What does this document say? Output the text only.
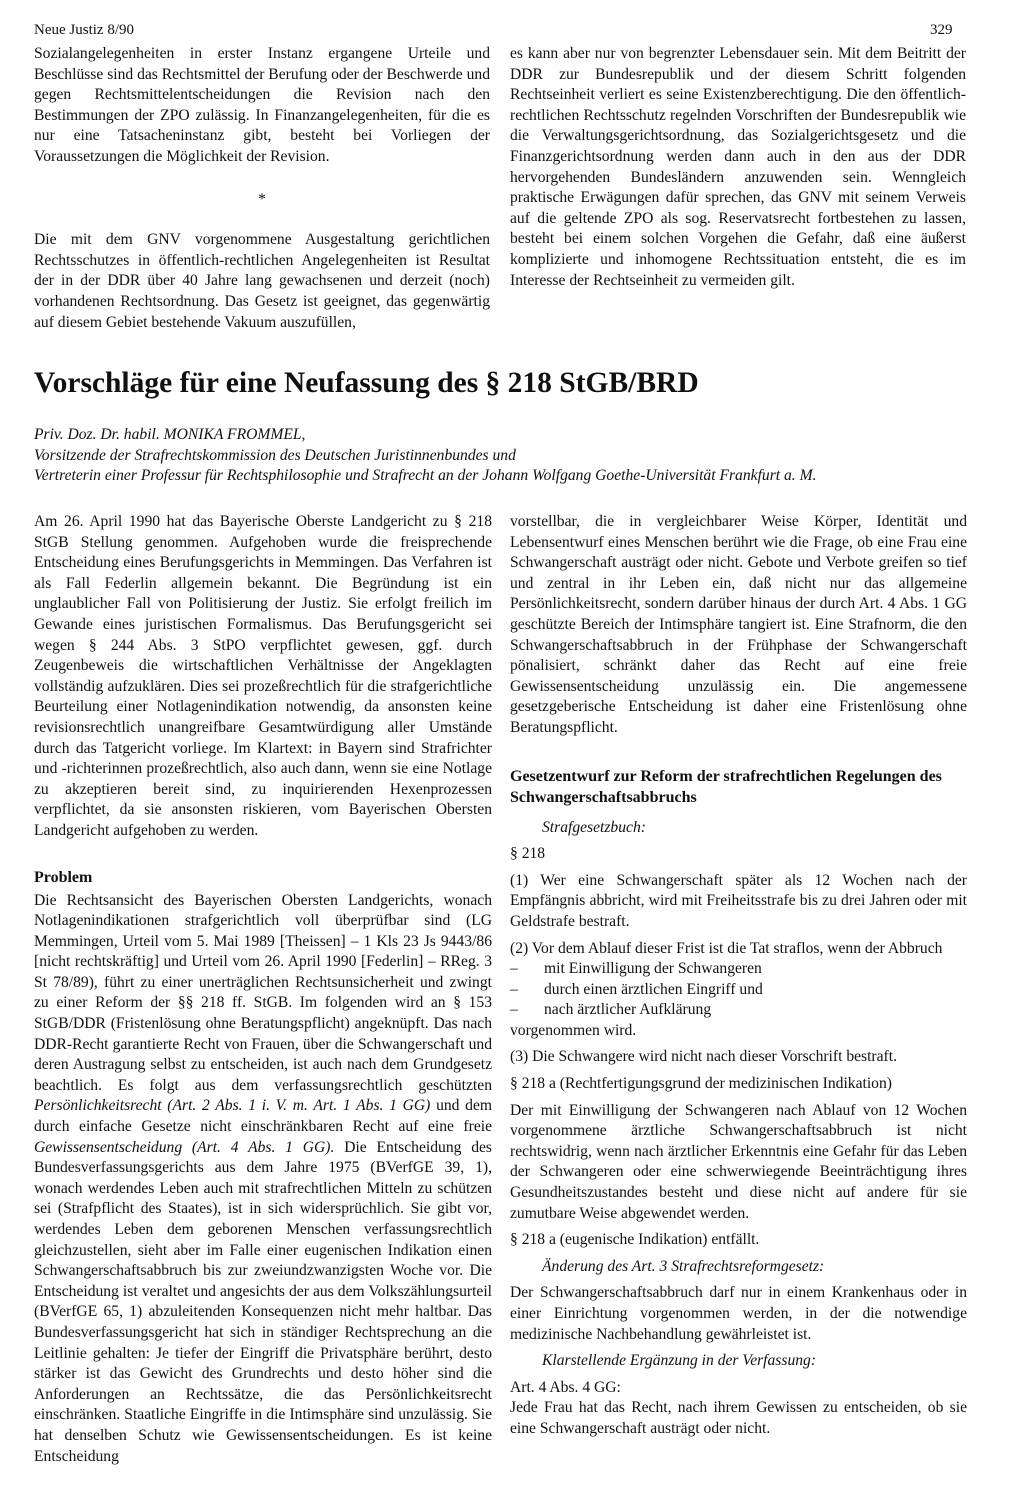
Neue Justiz 8/90	329

Sozialangelegenheiten in erster Instanz ergangene Urteile und Beschlüsse sind das Rechtsmittel der Berufung oder der Beschwerde und gegen Rechtsmittelentscheidungen die Revision nach den Bestimmungen der ZPO zulässig. In Finanzangelegenheiten, für die es nur eine Tatsacheninstanz gibt, besteht bei Vorliegen der Voraussetzungen die Möglichkeit der Revision.

*

Die mit dem GNV vorgenommene Ausgestaltung gerichtlichen Rechtsschutzes in öffentlich-rechtlichen Angelegenheiten ist Resultat der in der DDR über 40 Jahre lang gewachsenen und derzeit (noch) vorhandenen Rechtsordnung. Das Gesetz ist geeignet, das gegenwärtig auf diesem Gebiet bestehende Vakuum auszufüllen,

es kann aber nur von begrenzter Lebensdauer sein. Mit dem Beitritt der DDR zur Bundesrepublik und der diesem Schritt folgenden Rechtseinheit verliert es seine Existenzberechtigung. Die den öffentlich-rechtlichen Rechtsschutz regelnden Vorschriften der Bundesrepublik wie die Verwaltungsgerichtsordnung, das Sozialgerichtsgesetz und die Finanzgerichtsordnung werden dann auch in den aus der DDR hervorgehenden Bundesländern anzuwenden sein. Wenngleich praktische Erwägungen dafür sprechen, das GNV mit seinem Verweis auf die geltende ZPO als sog. Reservatsrecht fortbestehen zu lassen, besteht bei einem solchen Vorgehen die Gefahr, daß eine äußerst komplizierte und inhomogene Rechtssituation entsteht, die es im Interesse der Rechtseinheit zu vermeiden gilt.

Vorschläge für eine Neufassung des § 218 StGB/BRD
Priv. Doz. Dr. habil. MONIKA FROMMEL,
Vorsitzende der Strafrechtskommission des Deutschen Juristinnenbundes und
Vertreterin einer Professur für Rechtsphilosophie und Strafrecht an der Johann Wolfgang Goethe-Universität Frankfurt a. M.

Am 26. April 1990 hat das Bayerische Oberste Landgericht zu § 218 StGB Stellung genommen. Aufgehoben wurde die freisprechende Entscheidung eines Berufungsgerichts in Memmingen. Das Verfahren ist als Fall Federlin allgemein bekannt. Die Begründung ist ein unglaublicher Fall von Politisierung der Justiz. Sie erfolgt freilich im Gewande eines juristischen Formalismus. Das Berufungsgericht sei wegen § 244 Abs. 3 StPO verpflichtet gewesen, ggf. durch Zeugenbeweis die wirtschaftlichen Verhältnisse der Angeklagten vollständig aufzuklären. Dies sei prozeßrechtlich für die strafgerichtliche Beurteilung einer Notlagenindikation notwendig, da ansonsten keine revisionsrechtlich unangreifbare Gesamtwürdigung aller Umstände durch das Tatgericht vorliege. Im Klartext: in Bayern sind Strafrichter und -richterinnen prozeßrechtlich, also auch dann, wenn sie eine Notlage zu akzeptieren bereit sind, zu inquirierenden Hexenprozessen verpflichtet, da sie ansonsten riskieren, vom Bayerischen Obersten Landgericht aufgehoben zu werden.

Problem

Die Rechtsansicht des Bayerischen Obersten Landgerichts, wonach Notlagenindikationen strafgerichtlich voll überprüfbar sind (LG Memmingen, Urteil vom 5. Mai 1989 [Theissen] – 1 Kls 23 Js 9443/86 [nicht rechtskräftig] und Urteil vom 26. April 1990 [Federlin] – RReg. 3 St 78/89), führt zu einer unerträglichen Rechtsunsicherheit und zwingt zu einer Reform der §§ 218 ff. StGB. Im folgenden wird an § 153 StGB/DDR (Fristenlösung ohne Beratungspflicht) angeknüpft. Das nach DDR-Recht garantierte Recht von Frauen, über die Schwangerschaft und deren Austragung selbst zu entscheiden, ist auch nach dem Grundgesetz beachtlich. Es folgt aus dem verfassungsrechtlich geschützten Persönlichkeitsrecht (Art. 2 Abs. 1 i. V. m. Art. 1 Abs. 1 GG) und dem durch einfache Gesetze nicht einschränkbaren Recht auf eine freie Gewissensentscheidung (Art. 4 Abs. 1 GG). Die Entscheidung des Bundesverfassungsgerichts aus dem Jahre 1975 (BVerfGE 39, 1), wonach werdendes Leben auch mit strafrechtlichen Mitteln zu schützen sei (Strafpflicht des Staates), ist in sich widersprüchlich. Sie gibt vor, werdendes Leben dem geborenen Menschen verfassungsrechtlich gleichzustellen, sieht aber im Falle einer eugenischen Indikation einen Schwangerschaftsabbruch bis zur zweiundzwanzigsten Woche vor. Die Entscheidung ist veraltet und angesichts der aus dem Volkszählungsurteil (BVerfGE 65, 1) abzuleitenden Konsequenzen nicht mehr haltbar. Das Bundesverfassungsgericht hat sich in ständiger Rechtsprechung an die Leitlinie gehalten: Je tiefer der Eingriff die Privatsphäre berührt, desto stärker ist das Gewicht des Grundrechts und desto höher sind die Anforderungen an Rechtssätze, die das Persönlichkeitsrecht einschränken. Staatliche Eingriffe in die Intimsphäre sind unzulässig. Sie hat denselben Schutz wie Gewissensentscheidungen. Es ist keine Entscheidung

vorstellbar, die in vergleichbarer Weise Körper, Identität und Lebensentwurf eines Menschen berührt wie die Frage, ob eine Frau eine Schwangerschaft austrägt oder nicht. Gebote und Verbote greifen so tief und zentral in ihr Leben ein, daß nicht nur das allgemeine Persönlichkeitsrecht, sondern darüber hinaus der durch Art. 4 Abs. 1 GG geschützte Bereich der Intimsphäre tangiert ist. Eine Strafnorm, die den Schwangerschaftsabbruch in der Frühphase der Schwangerschaft pönalisiert, schränkt daher das Recht auf eine freie Gewissensentscheidung unzulässig ein. Die angemessene gesetzgeberische Entscheidung ist daher eine Fristenlösung ohne Beratungspflicht.

Gesetzentwurf zur Reform der strafrechtlichen Regelungen des Schwangerschaftsabbruchs

Strafgesetzbuch:

§ 218

(1) Wer eine Schwangerschaft später als 12 Wochen nach der Empfängnis abbricht, wird mit Freiheitsstrafe bis zu drei Jahren oder mit Geldstrafe bestraft.

(2) Vor dem Ablauf dieser Frist ist die Tat straflos, wenn der Abbruch

– mit Einwilligung der Schwangeren
– durch einen ärztlichen Eingriff und
– nach ärztlicher Aufklärung

vorgenommen wird.

(3) Die Schwangere wird nicht nach dieser Vorschrift bestraft.

§ 218 a (Rechtfertigungsgrund der medizinischen Indikation)

Der mit Einwilligung der Schwangeren nach Ablauf von 12 Wochen vorgenommene ärztliche Schwangerschaftsabbruch ist nicht rechtswidrig, wenn nach ärztlicher Erkenntnis eine Gefahr für das Leben der Schwangeren oder eine schwerwiegende Beeinträchtigung ihres Gesundheitszustandes besteht und diese nicht auf andere für sie zumutbare Weise abgewendet werden.

§ 218 a (eugenische Indikation) entfällt.

Änderung des Art. 3 Strafrechtsreformgesetz:

Der Schwangerschaftsabbruch darf nur in einem Krankenhaus oder in einer Einrichtung vorgenommen werden, in der die notwendige medizinische Nachbehandlung gewährleistet ist.

Klarstellende Ergänzung in der Verfassung:

Art. 4 Abs. 4 GG:

Jede Frau hat das Recht, nach ihrem Gewissen zu entscheiden, ob sie eine Schwangerschaft austrägt oder nicht.
